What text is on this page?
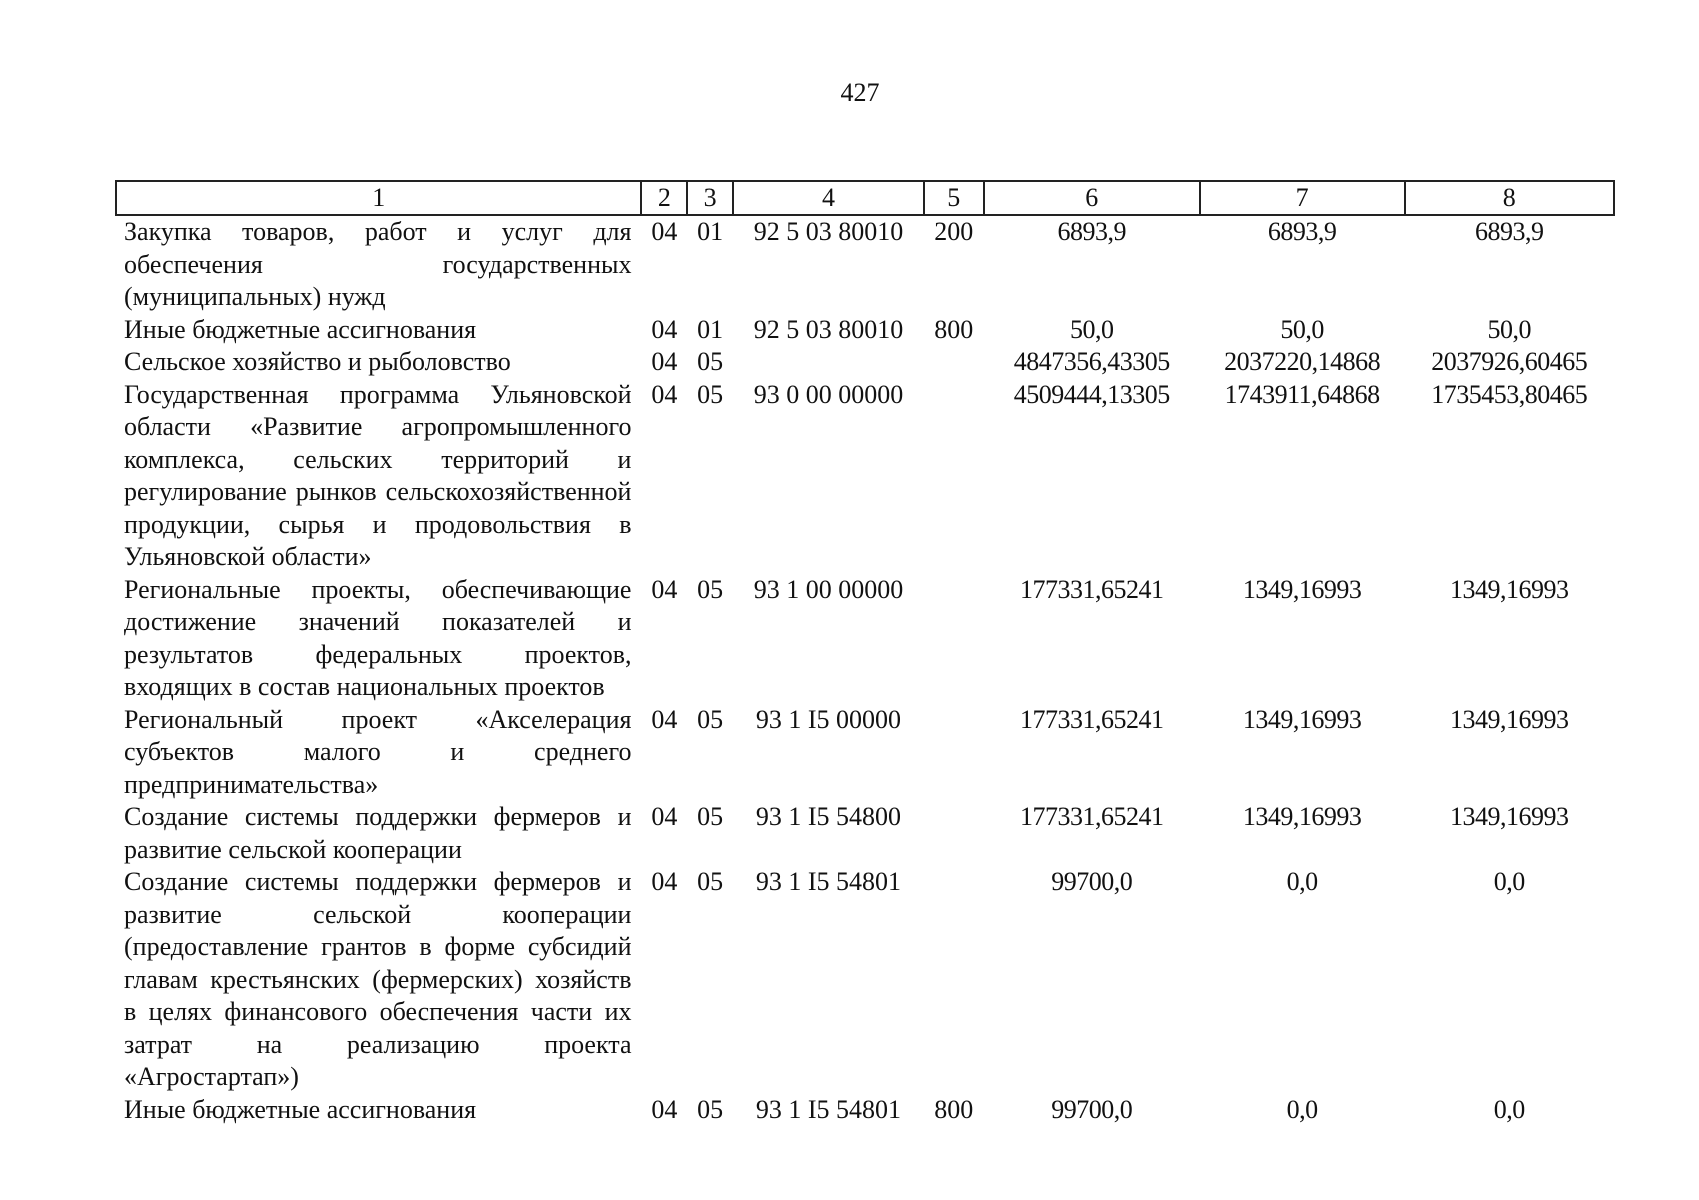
427
1	2	3	4	5	6	7	8
Закупка товаров, работ и услуг для обеспечения государственных (муниципальных) нужд	04	01	92 5 03 80010	200	6893,9	6893,9	6893,9
Иные бюджетные ассигнования	04	01	92 5 03 80010	800	50,0	50,0	50,0
Сельское хозяйство и рыболовство	04	05			4847356,43305	2037220,14868	2037926,60465
Государственная программа Ульяновской области «Развитие агропромышленного комплекса, сельских территорий и регулирование рынков сельскохозяйственной продукции, сырья и продовольствия в Ульяновской области»	04	05	93 0 00 00000		4509444,13305	1743911,64868	1735453,80465
Региональные проекты, обеспечивающие достижение значений показателей и результатов федеральных проектов, входящих в состав национальных проектов	04	05	93 1 00 00000		177331,65241	1349,16993	1349,16993
Региональный проект «Акселерация субъектов малого и среднего предпринимательства»	04	05	93 1 I5 00000		177331,65241	1349,16993	1349,16993
Создание системы поддержки фермеров и развитие сельской кооперации	04	05	93 1 I5 54800		177331,65241	1349,16993	1349,16993
Создание системы поддержки фермеров и развитие сельской кооперации (предоставление грантов в форме субсидий главам крестьянских (фермерских) хозяйств в целях финансового обеспечения части их затрат на реализацию проекта «Агростартап»)	04	05	93 1 I5 54801		99700,0	0,0	0,0
Иные бюджетные ассигнования	04	05	93 1 I5 54801	800	99700,0	0,0	0,0
